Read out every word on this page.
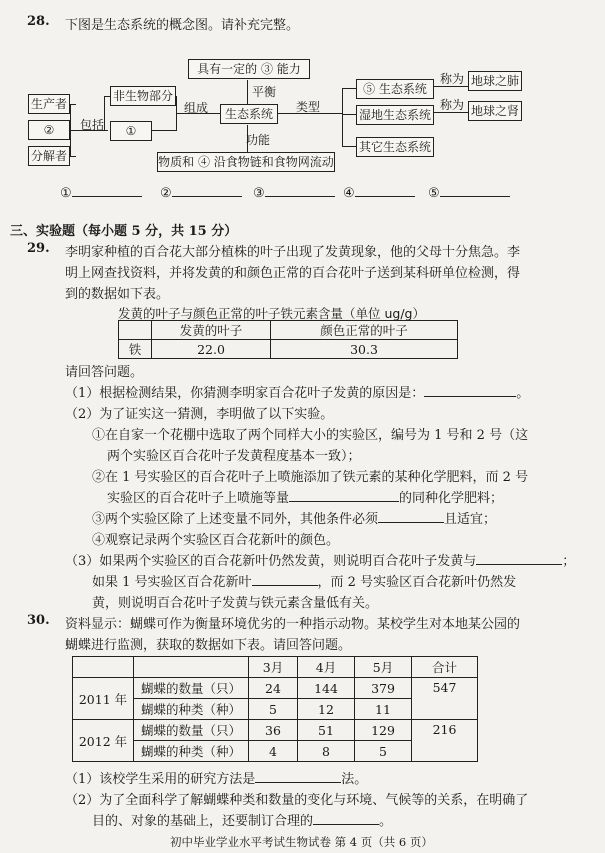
28. 下图是生态系统的概念图。请补充完整。
具有一定的 ③ 能力
生产者
②
分解者
非生物部分
①
生态系统
物质和 ④ 沿食物链和食物网流动
⑤ 生态系统
湿地生态系统
其它生态系统
地球之肺
地球之肾
包括
组成
平衡
类型
功能
称为
称为
①	②	③	④	⑤
三、实验题（每小题 5 分，共 15 分）
29. 李明家种植的百合花大部分植株的叶子出现了发黄现象，他的父母十分焦急。李
明上网查找资料，并将发黄的和颜色正常的百合花叶子送到某科研单位检测，得
到的数据如下表。
发黄的叶子与颜色正常的叶子铁元素含量（单位 ug/g）
	发黄的叶子	颜色正常的叶子
铁	22.0	30.3
请回答问题。
（1）根据检测结果，你猜测李明家百合花叶子发黄的原因是：	。
（2）为了证实这一猜测，李明做了以下实验。
①在自家一个花棚中选取了两个同样大小的实验区，编号为 1 号和 2 号（这
两个实验区百合花叶子发黄程度基本一致）；
②在 1 号实验区的百合花叶子上喷施添加了铁元素的某种化学肥料，而 2 号
实验区的百合花叶子上喷施等量	的同种化学肥料；
③两个实验区除了上述变量不同外，其他条件必须	且适宜；
④观察记录两个实验区百合花新叶的颜色。
（3）如果两个实验区的百合花新叶仍然发黄，则说明百合花叶子发黄与	；
如果 1 号实验区百合花新叶	，而 2 号实验区百合花新叶仍然发
黄，则说明百合花叶子发黄与铁元素含量低有关。
30. 资料显示：蝴蝶可作为衡量环境优劣的一种指示动物。某校学生对本地某公园的
蝴蝶进行监测，获取的数据如下表。请回答问题。
		3月	4月	5月	合计
2011 年	蝴蝶的数量（只）	24	144	379	547
	蝴蝶的种类（种）	5	12	11	
2012 年	蝴蝶的数量（只）	36	51	129	216
	蝴蝶的种类（种）	4	8	5	
（1）该校学生采用的研究方法是	法。
（2）为了全面科学了解蝴蝶种类和数量的变化与环境、气候等的关系，在明确了
目的、对象的基础上，还要制订合理的	。
初中毕业学业水平考试生物试卷 第 4 页（共 6 页）
